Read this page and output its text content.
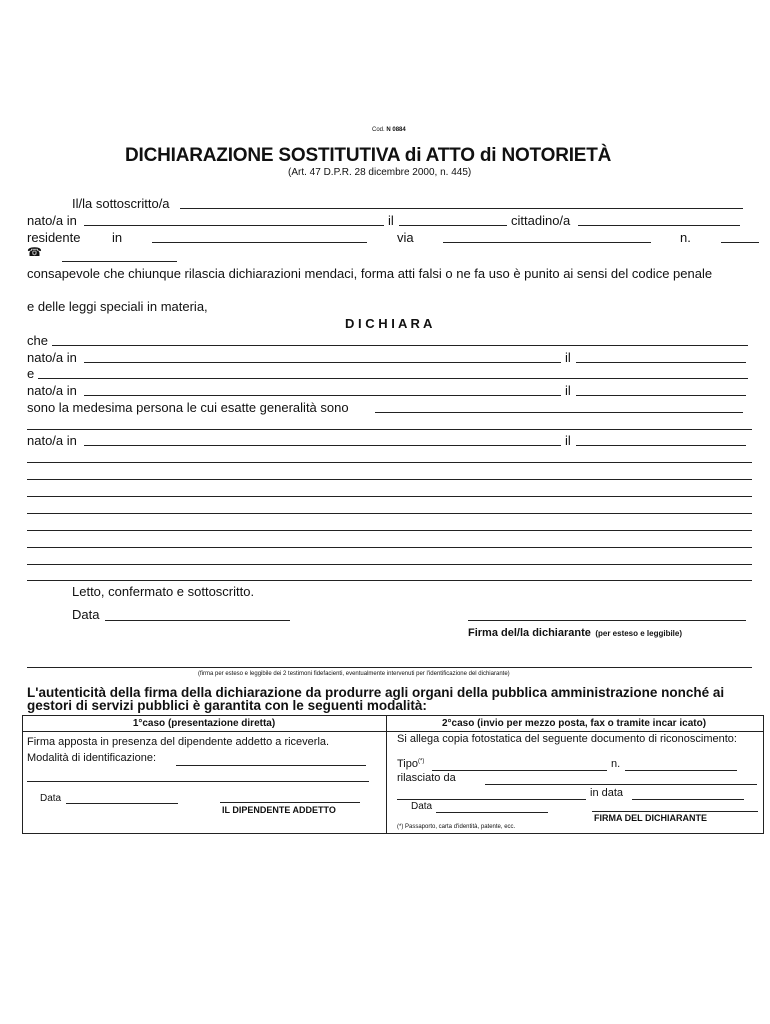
Cod. N 0884
DICHIARAZIONE SOSTITUTIVA di ATTO di NOTORIETÀ
(Art. 47 D.P.R. 28 dicembre 2000, n. 445)
Il/la sottoscritto/a
nato/a in	il	cittadino/a
residente in	via	n.
☎
consapevole che chiunque rilascia dichiarazioni mendaci, forma atti falsi o ne fa uso è punito ai sensi del codice penale
e delle leggi speciali in materia,
D I C H I A R A
che
nato/a in	il
e
nato/a in	il
sono la medesima persona le cui esatte generalità sono
nato/a in	il
Letto, confermato e sottoscritto.
Data
Firma del/la dichiarante (per esteso e leggibile)
(firma per esteso e leggibile dei 2 testimoni fidefacienti, eventualmente intervenuti per l'identificazione del dichiarante)
L'autenticità della firma della dichiarazione da produrre agli organi della pubblica amministrazione nonché ai gestori di servizi pubblici è garantita con le seguenti modalità:
1°caso (presentazione diretta)
Firma apposta in presenza del dipendente addetto a riceverla.
Modalità di identificazione:
Data
IL DIPENDENTE ADDETTO
2°caso (invio per mezzo posta, fax o tramite incar icato)
Si allega copia fotostatica del seguente documento di riconoscimento:
Tipo(*)	n.
rilasciato da
in data
Data
FIRMA DEL DICHIARANTE
(*) Passaporto, carta d'identità, patente, ecc.
